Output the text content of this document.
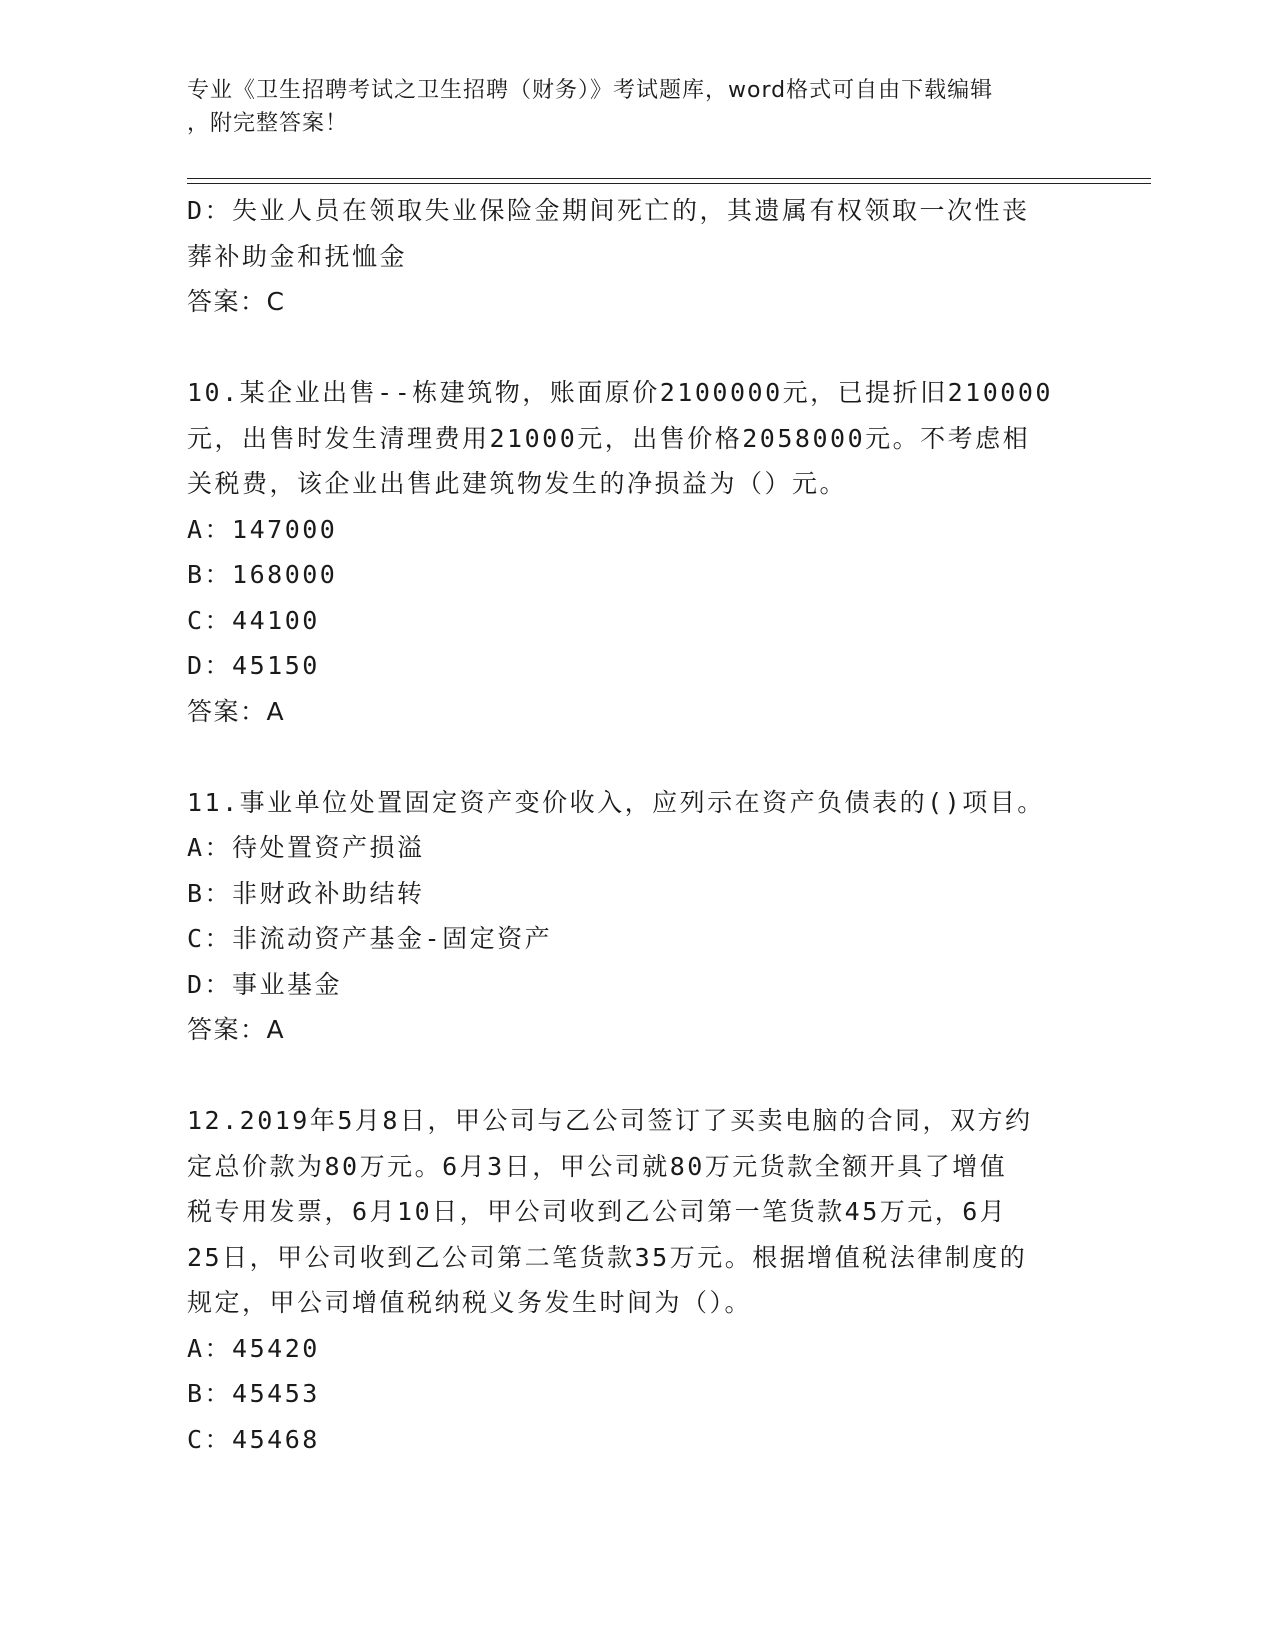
专业《卫生招聘考试之卫生招聘（财务）》考试题库，word格式可自由下载编辑
，附完整答案！
D：失业人员在领取失业保险金期间死亡的，其遗属有权领取一次性丧
葬补助金和抚恤金
答案：C
10.某企业出售--栋建筑物，账面原价2100000元，已提折旧210000
元，出售时发生清理费用21000元，出售价格2058000元。不考虑相
关税费，该企业出售此建筑物发生的净损益为（）元。
A：147000
B：168000
C：44100
D：45150
答案：A
11.事业单位处置固定资产变价收入，应列示在资产负债表的()项目。
A：待处置资产损溢
B：非财政补助结转
C：非流动资产基金-固定资产
D：事业基金
答案：A
12.2019年5月8日，甲公司与乙公司签订了买卖电脑的合同，双方约
定总价款为80万元。6月3日，甲公司就80万元货款全额开具了增值
税专用发票，6月10日，甲公司收到乙公司第一笔货款45万元，6月
25日，甲公司收到乙公司第二笔货款35万元。根据增值税法律制度的
规定，甲公司增值税纳税义务发生时间为（）。
A：45420
B：45453
C：45468
